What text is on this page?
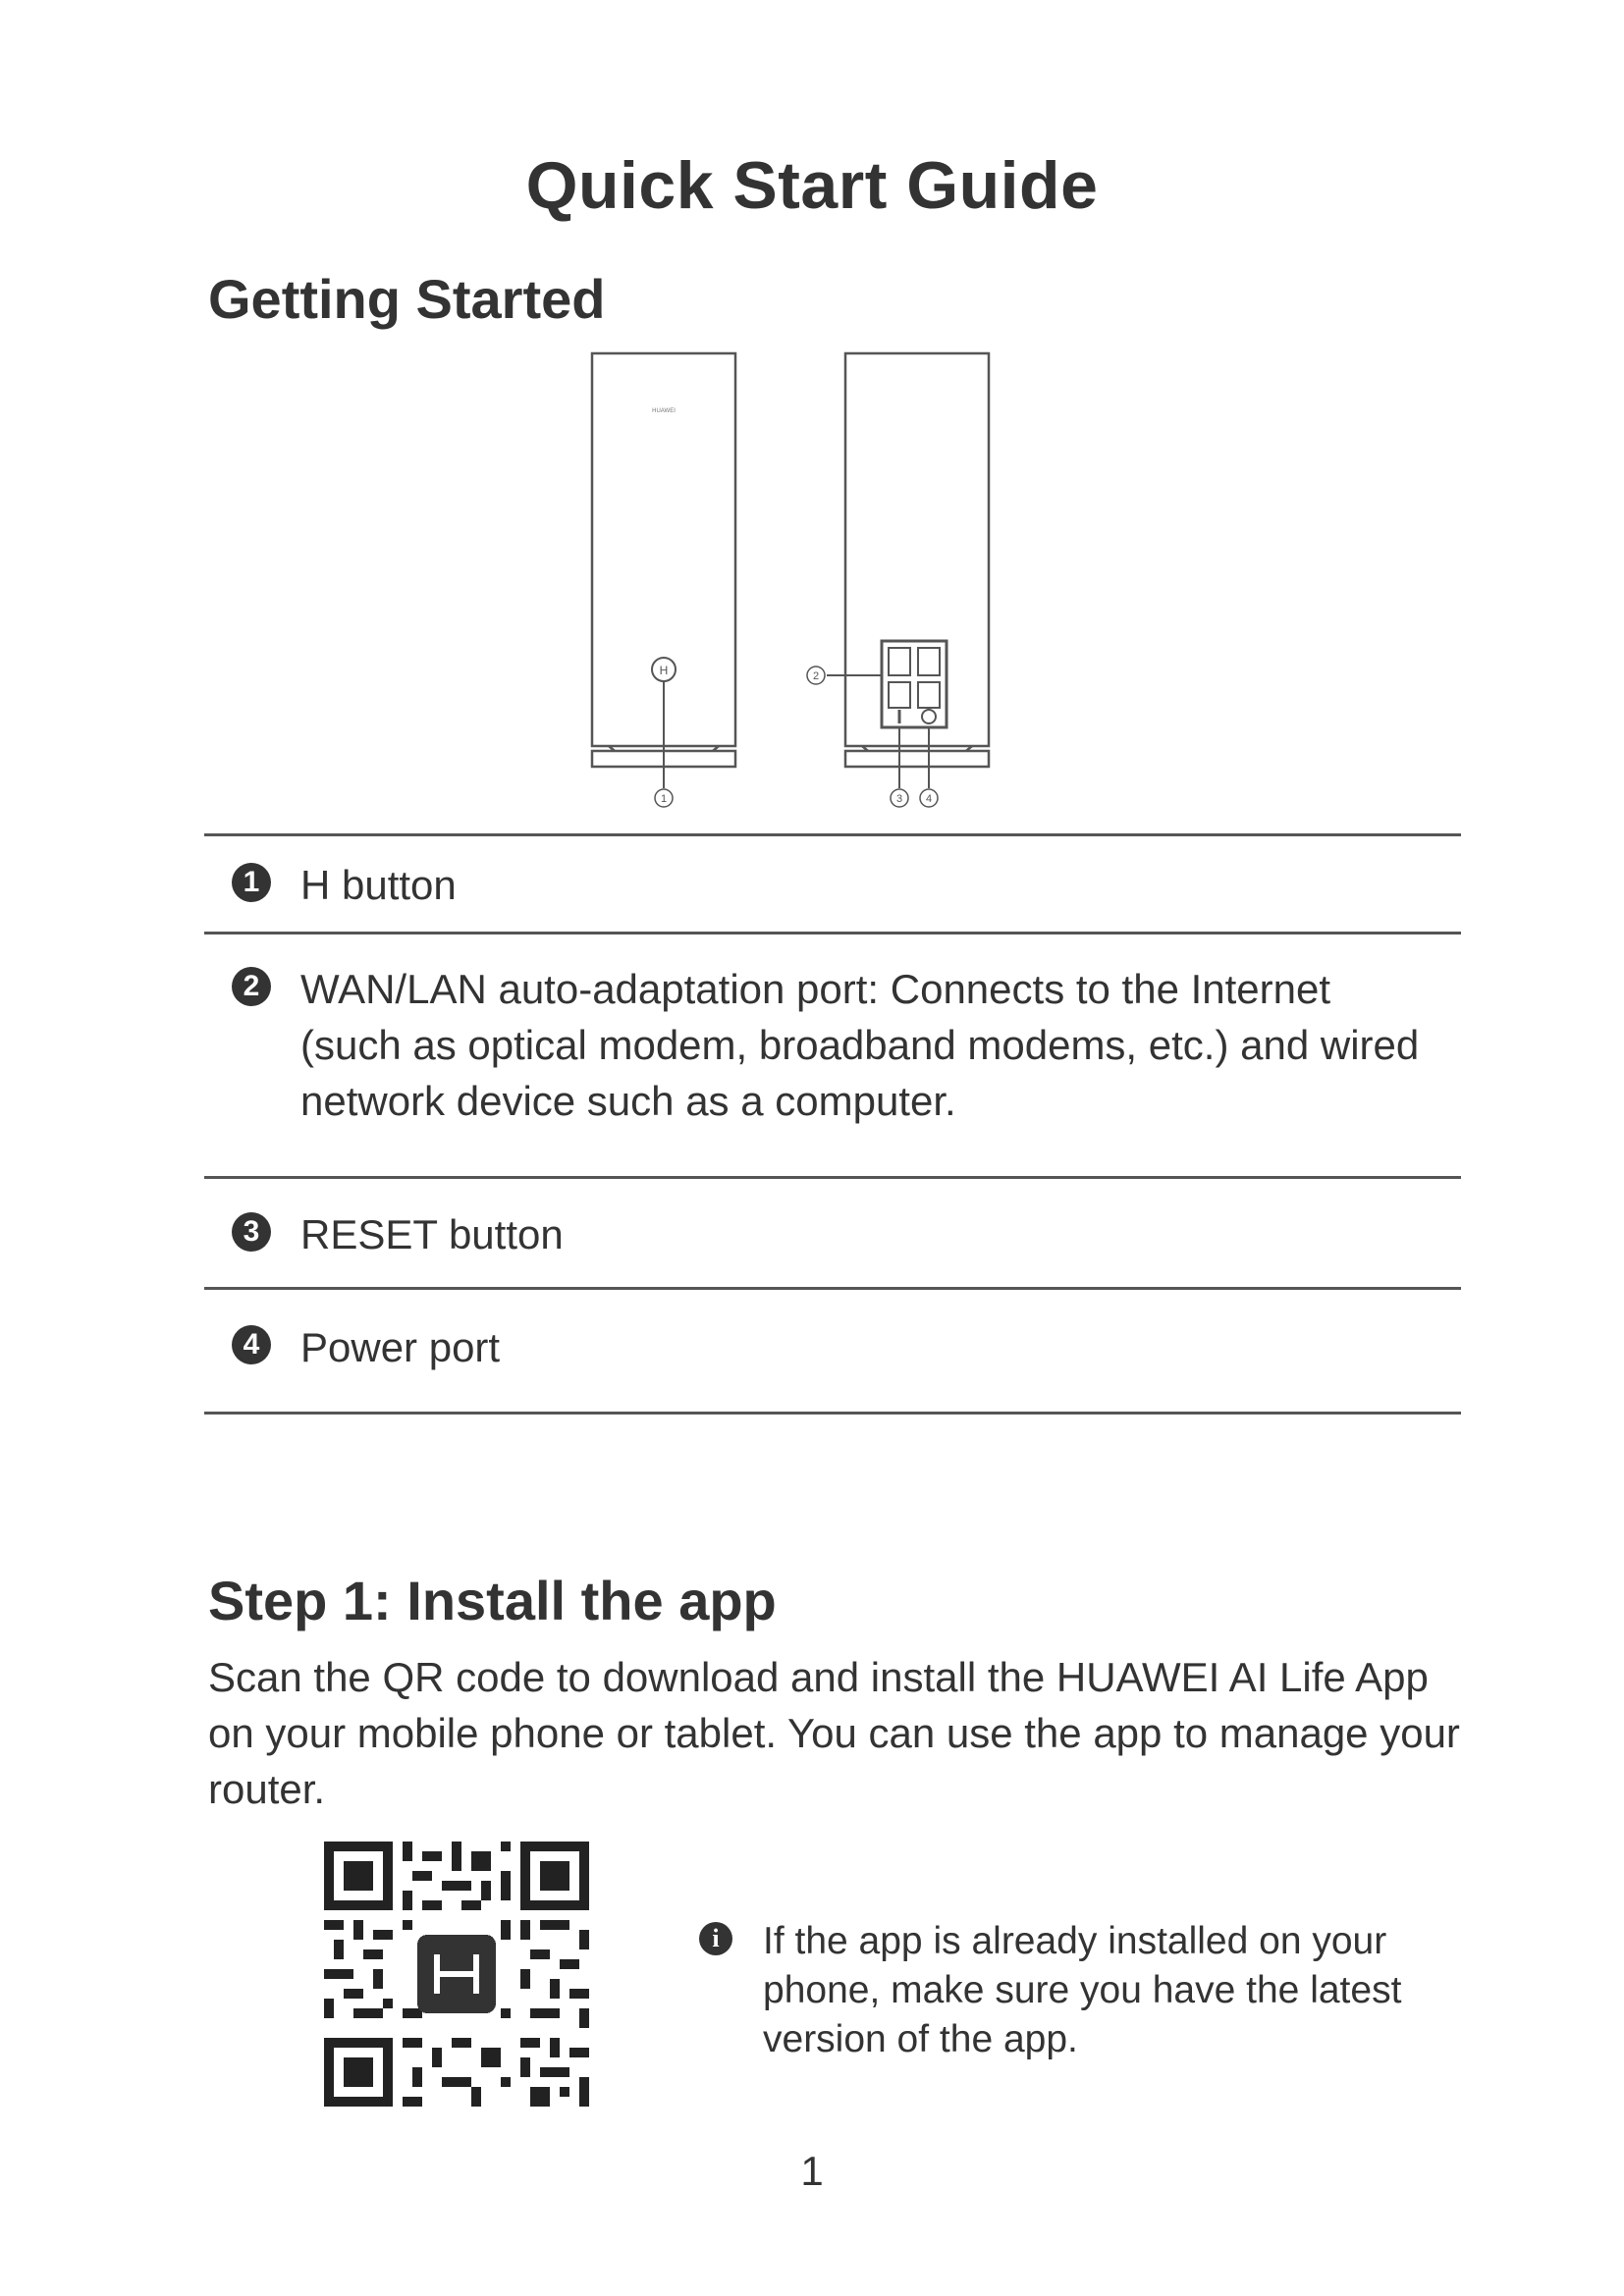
Quick Start Guide
Getting Started
H
1
2
3 4
HUAWEI
1 H button
2 WAN/LAN auto-adaptation port: Connects to the Internet (such as optical modem, broadband modems, etc.) and wired network device such as a computer.
3 RESET button
4 Power port
Step 1: Install the app
Scan the QR code to download and install the HUAWEI AI Life App on your mobile phone or tablet. You can use the app to manage your router.
i	If the app is already installed on your phone, make sure you have the latest version of the app.
1
